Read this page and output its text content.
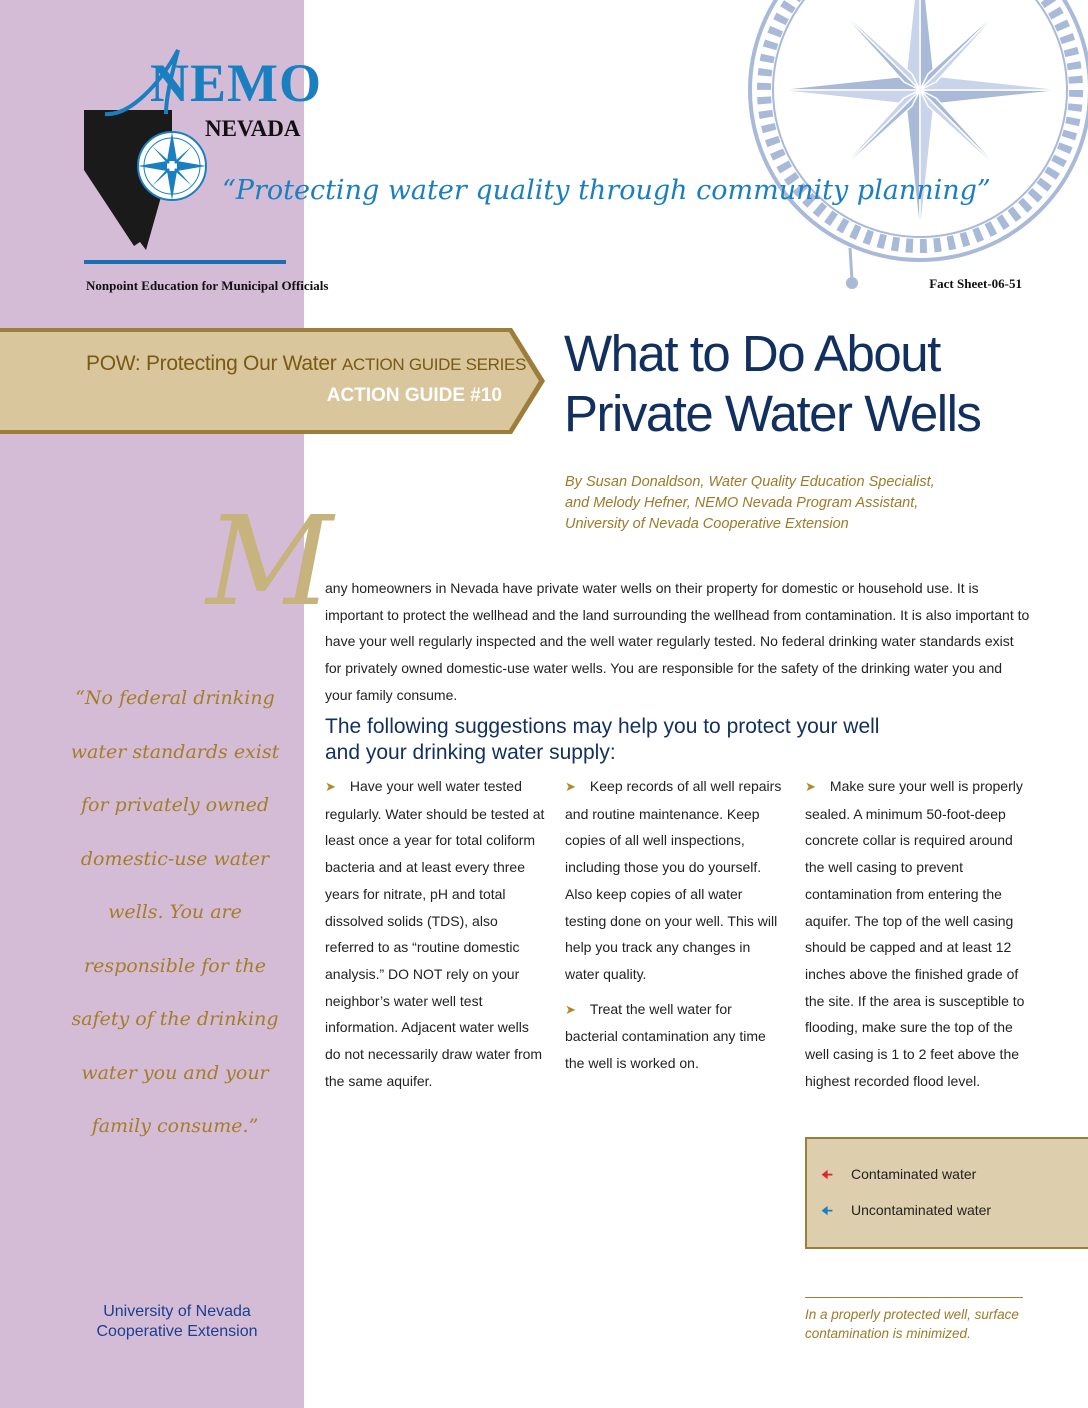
NEMO
NEVADA
“Protecting water quality through community planning”
Nonpoint Education for Municipal Officials	Fact Sheet-06-51
POW: Protecting Our Water ACTION GUIDE SERIES
ACTION GUIDE #10
What to Do About
Private Water Wells
By Susan Donaldson, Water Quality Education Specialist,
and Melody Hefner, NEMO Nevada Program Assistant,
University of Nevada Cooperative Extension
M
any homeowners in Nevada have private water wells on their property for domestic or household use. It is important to protect the wellhead and the land surrounding the wellhead from contamination. It is also important to have your well regularly inspected and the well water regularly tested. No federal drinking water standards exist for privately owned domestic-use water wells. You are responsible for the safety of the drinking water you and your family consume.
The following suggestions may help you to protect your well and your drinking water supply:

➤ Have your well water tested regularly. Water should be tested at least once a year for total coliform bacteria and at least every three years for nitrate, pH and total dissolved solids (TDS), also referred to as “routine domestic analysis.” DO NOT rely on your neighbor’s water well test information. Adjacent water wells do not necessarily draw water from the same aquifer.

➤ Keep records of all well repairs and routine maintenance. Keep copies of all well inspections, including those you do yourself. Also keep copies of all water testing done on your well. This will help you track any changes in water quality.

➤ Treat the well water for bacterial contamination any time the well is worked on.

➤ Make sure your well is properly sealed. A minimum 50-foot-deep concrete collar is required around the well casing to prevent contamination from entering the aquifer. The top of the well casing should be capped and at least 12 inches above the finished grade of the site. If the area is susceptible to flooding, make sure the top of the well casing is 1 to 2 feet above the highest recorded flood level.

“No federal drinking water standards exist for privately owned domestic-use water wells. You are responsible for the safety of the drinking water you and your family consume.”
University of Nevada
Cooperative Extension
🠈 Contaminated water
🠈 Uncontaminated water
In a properly protected well, surface contamination is minimized.
